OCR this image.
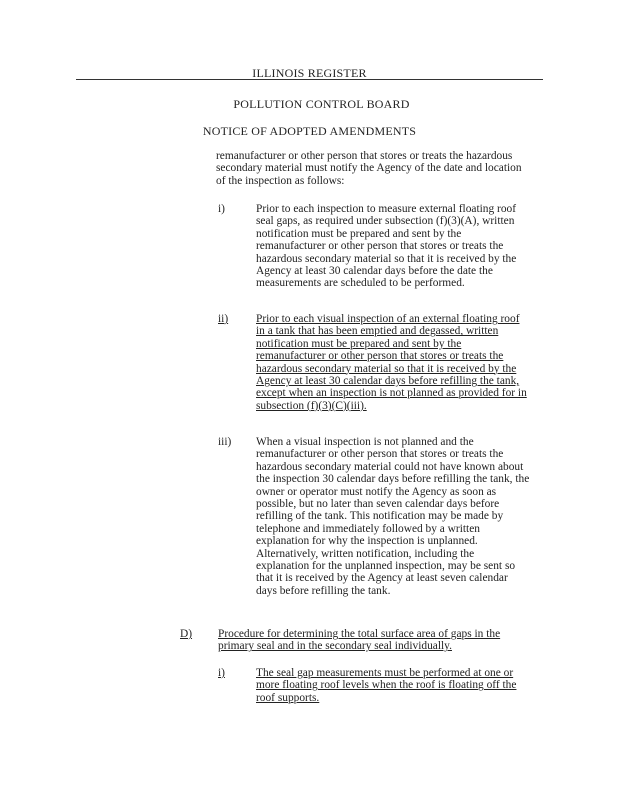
ILLINOIS REGISTER
POLLUTION CONTROL BOARD
NOTICE OF ADOPTED AMENDMENTS
remanufacturer or other person that stores or treats the hazardous
secondary material must notify the Agency of the date and location
of the inspection as follows:
i)	Prior to each inspection to measure external floating roof
seal gaps, as required under subsection (f)(3)(A), written
notification must be prepared and sent by the
remanufacturer or other person that stores or treats the
hazardous secondary material so that it is received by the
Agency at least 30 calendar days before the date the
measurements are scheduled to be performed.
ii) Prior to each visual inspection of an external floating roof
in a tank that has been emptied and degassed, written
notification must be prepared and sent by the
remanufacturer or other person that stores or treats the
hazardous secondary material so that it is received by the
Agency at least 30 calendar days before refilling the tank,
except when an inspection is not planned as provided for in
subsection (f)(3)(C)(iii).
iii) When a visual inspection is not planned and the
remanufacturer or other person that stores or treats the
hazardous secondary material could not have known about
the inspection 30 calendar days before refilling the tank, the
owner or operator must notify the Agency as soon as
possible, but no later than seven calendar days before
refilling of the tank. This notification may be made by
telephone and immediately followed by a written
explanation for why the inspection is unplanned.
Alternatively, written notification, including the
explanation for the unplanned inspection, may be sent so
that it is received by the Agency at least seven calendar
days before refilling the tank.
D) Procedure for determining the total surface area of gaps in the
primary seal and in the secondary seal individually.
i)	The seal gap measurements must be performed at one or
more floating roof levels when the roof is floating off the
roof supports.
